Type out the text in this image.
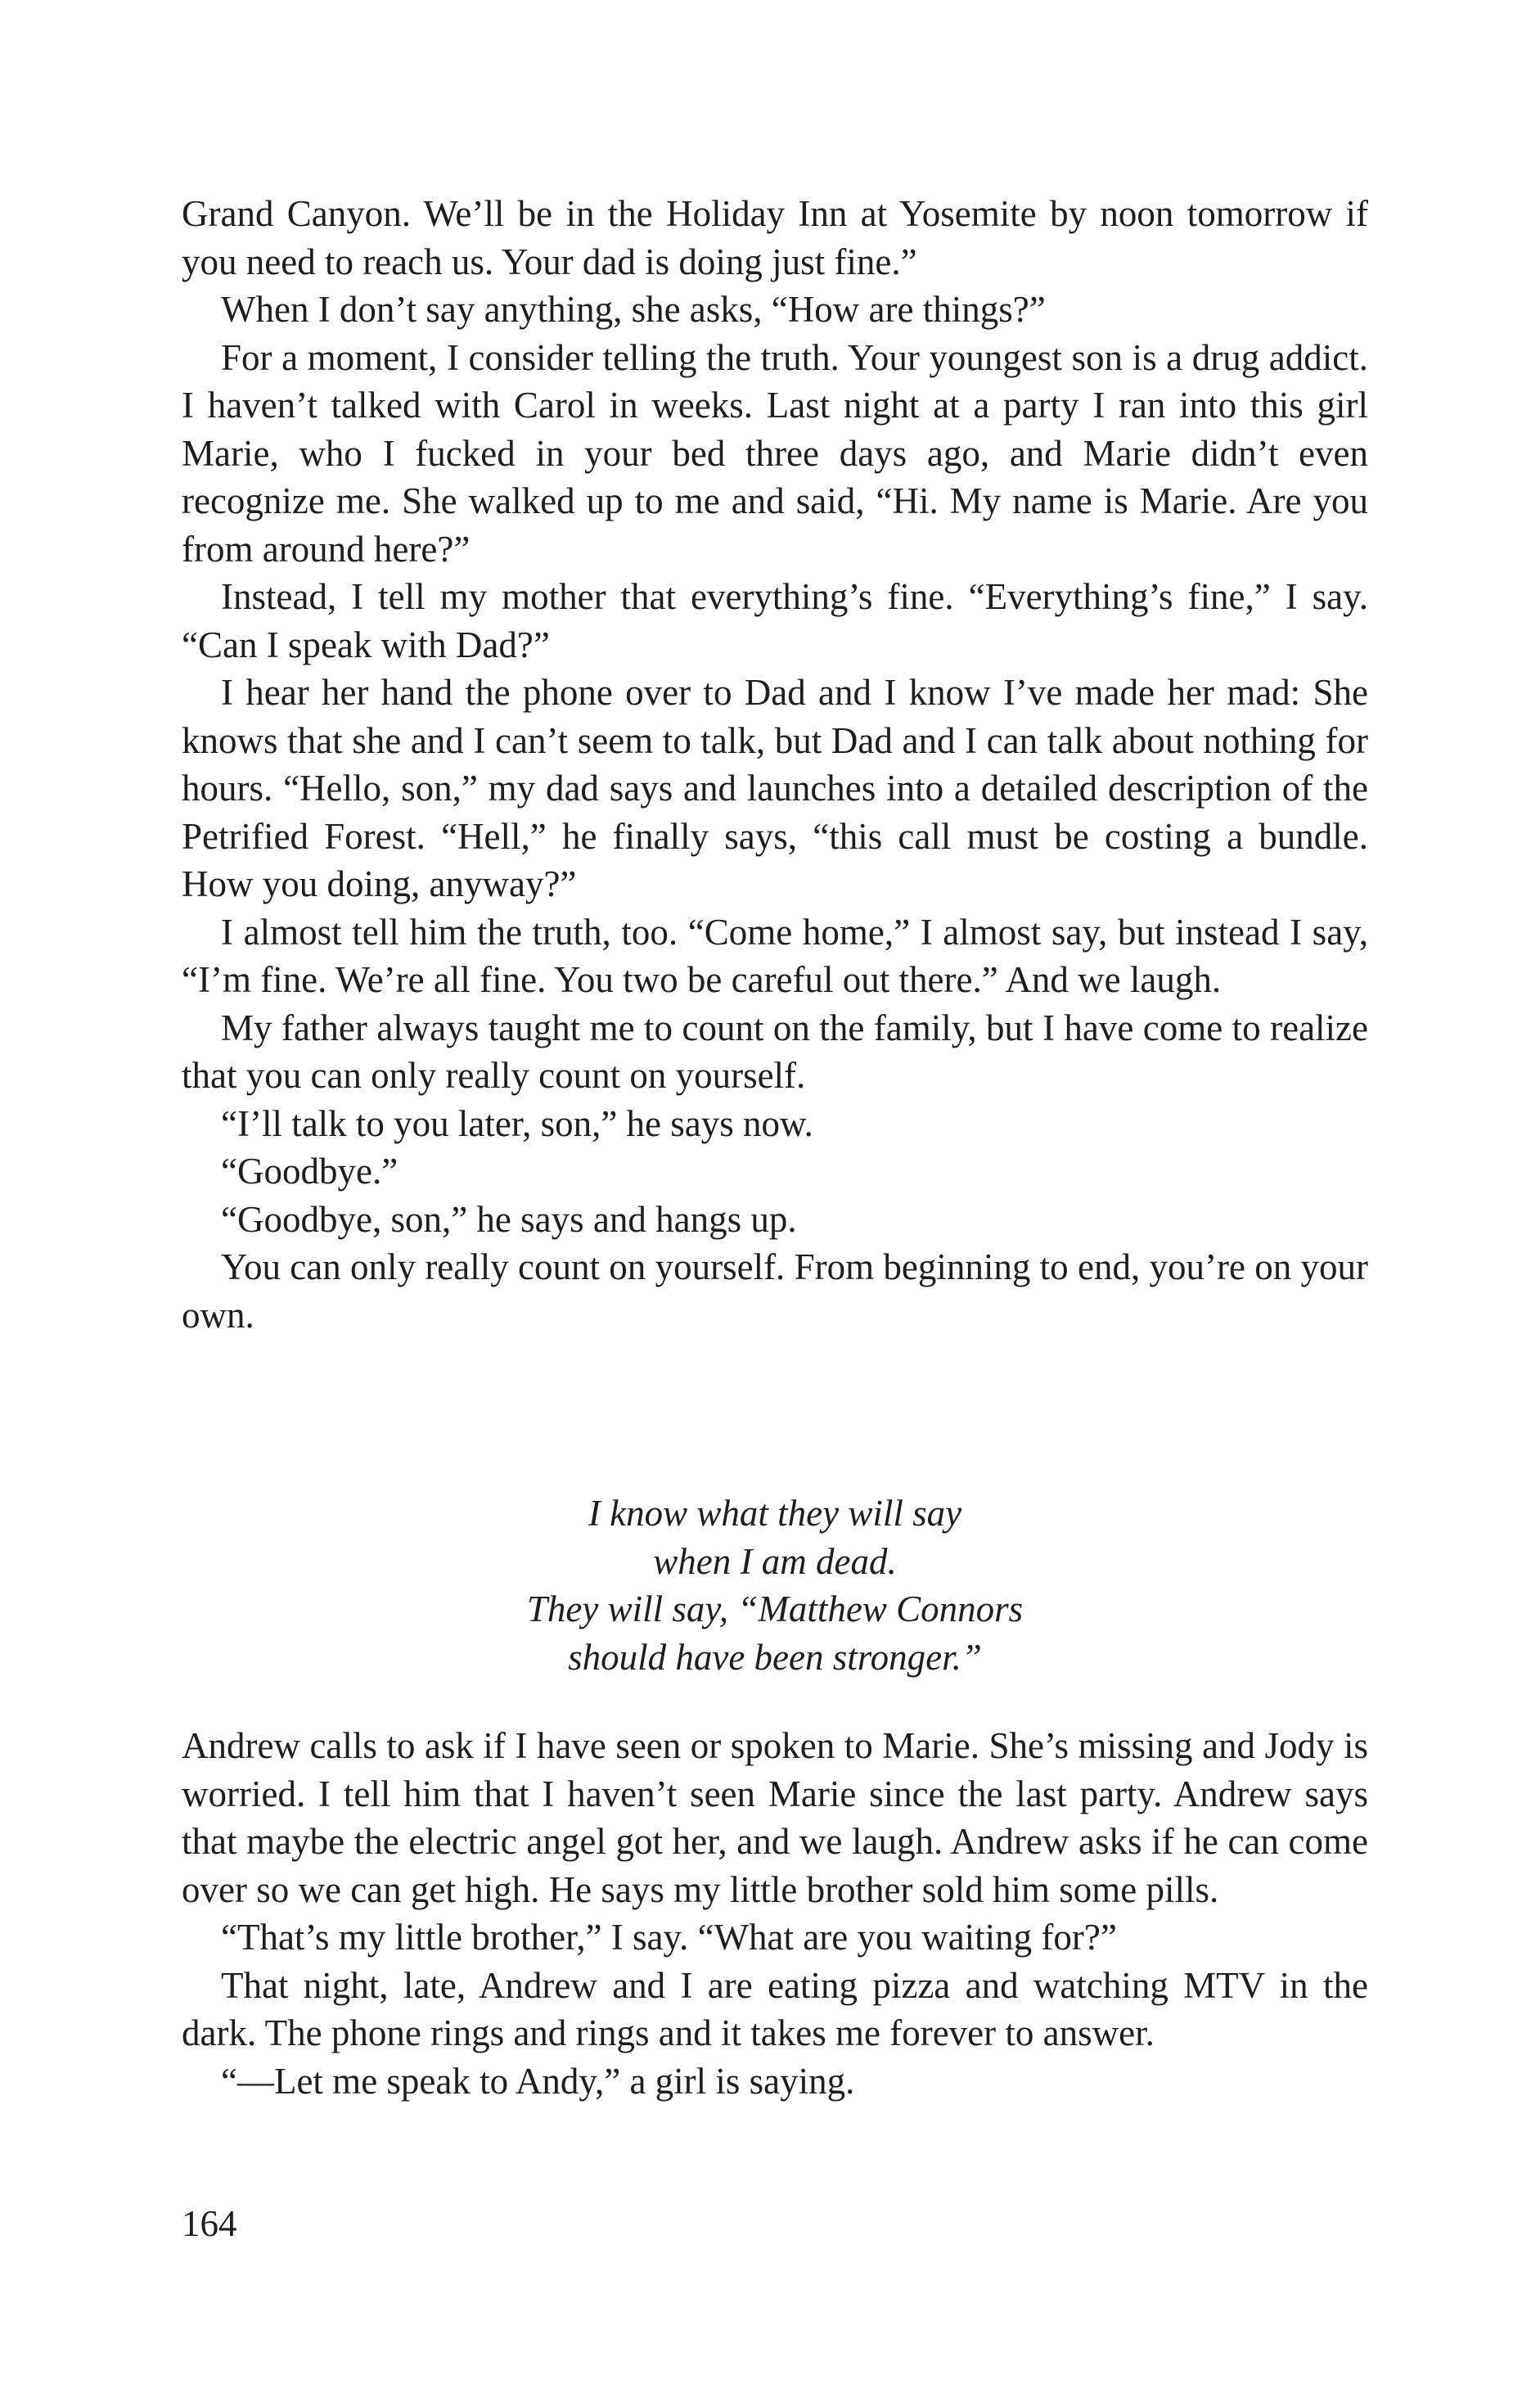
Grand Canyon. We’ll be in the Holiday Inn at Yosemite by noon tomorrow if you need to reach us. Your dad is doing just fine.”

When I don’t say anything, she asks, “How are things?”

For a moment, I consider telling the truth. Your youngest son is a drug addict. I haven’t talked with Carol in weeks. Last night at a party I ran into this girl Marie, who I fucked in your bed three days ago, and Marie didn’t even recognize me. She walked up to me and said, “Hi. My name is Marie. Are you from around here?”

Instead, I tell my mother that everything’s fine. “Everything’s fine,” I say. “Can I speak with Dad?”

I hear her hand the phone over to Dad and I know I’ve made her mad: She knows that she and I can’t seem to talk, but Dad and I can talk about nothing for hours. “Hello, son,” my dad says and launches into a detailed description of the Petrified Forest. “Hell,” he finally says, “this call must be costing a bundle. How you doing, anyway?”

I almost tell him the truth, too. “Come home,” I almost say, but instead I say, “I’m fine. We’re all fine. You two be careful out there.” And we laugh.

My father always taught me to count on the family, but I have come to realize that you can only really count on yourself.

“I’ll talk to you later, son,” he says now.

“Goodbye.”

“Goodbye, son,” he says and hangs up.

You can only really count on yourself. From beginning to end, you’re on your own.

I know what they will say
when I am dead.
They will say, “Matthew Connors
should have been stronger.”

Andrew calls to ask if I have seen or spoken to Marie. She’s missing and Jody is worried. I tell him that I haven’t seen Marie since the last party. Andrew says that maybe the electric angel got her, and we laugh. Andrew asks if he can come over so we can get high. He says my little brother sold him some pills.

“That’s my little brother,” I say. “What are you waiting for?”

That night, late, Andrew and I are eating pizza and watching MTV in the dark. The phone rings and rings and it takes me forever to answer.

“—Let me speak to Andy,” a girl is saying.

164
